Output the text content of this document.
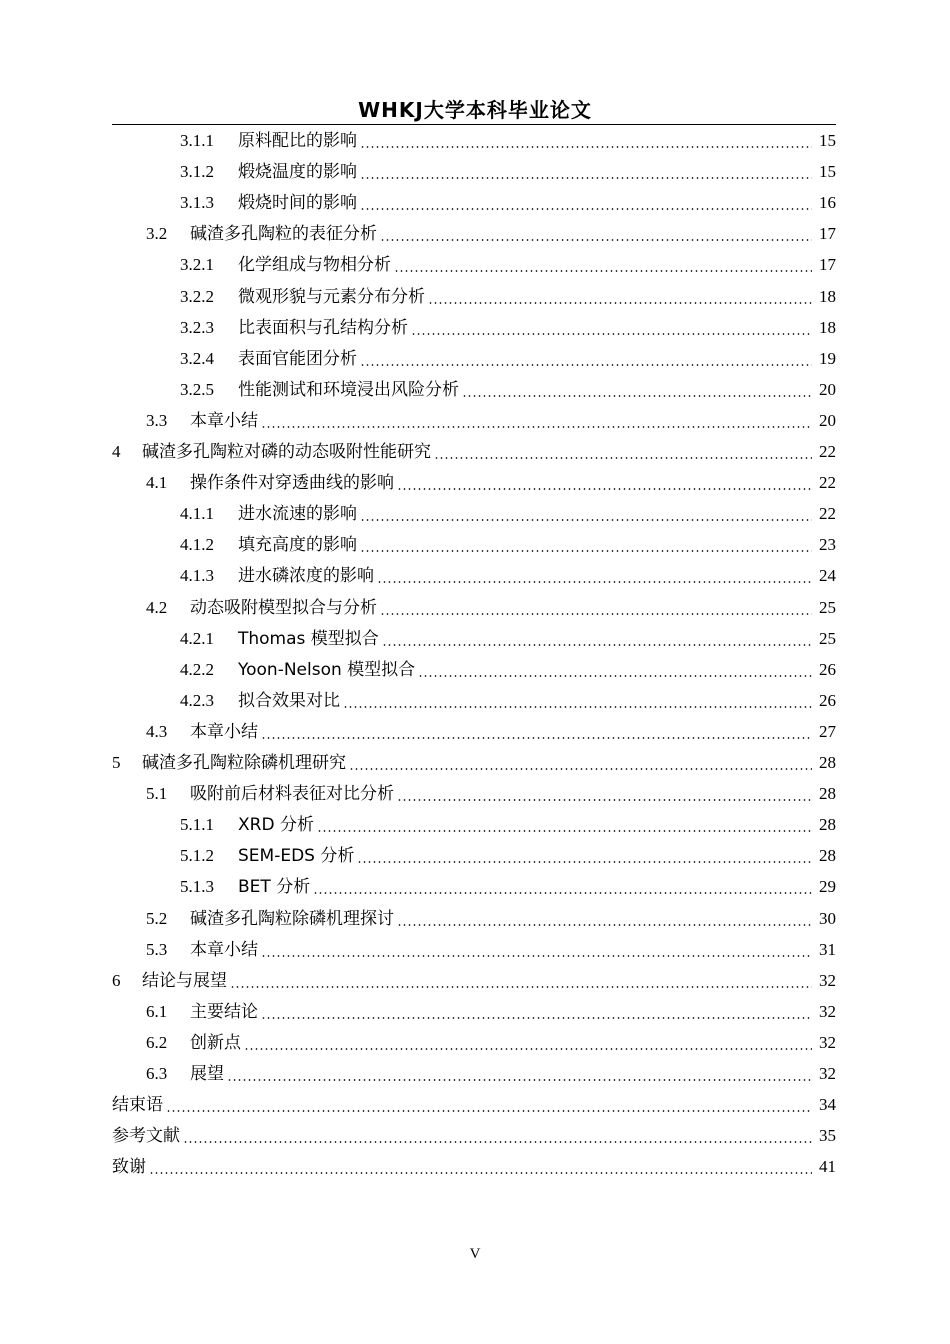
WHKJ大学本科毕业论文
3.1.1	原料配比的影响	15
3.1.2	煅烧温度的影响	15
3.1.3	煅烧时间的影响	16
3.2	碱渣多孔陶粒的表征分析	17
3.2.1	化学组成与物相分析	17
3.2.2	微观形貌与元素分布分析	18
3.2.3	比表面积与孔结构分析	18
3.2.4	表面官能团分析	19
3.2.5	性能测试和环境浸出风险分析	20
3.3	本章小结	20
4	碱渣多孔陶粒对磷的动态吸附性能研究	22
4.1	操作条件对穿透曲线的影响	22
4.1.1	进水流速的影响	22
4.1.2	填充高度的影响	23
4.1.3	进水磷浓度的影响	24
4.2	动态吸附模型拟合与分析	25
4.2.1	Thomas 模型拟合	25
4.2.2	Yoon-Nelson 模型拟合	26
4.2.3	拟合效果对比	26
4.3	本章小结	27
5	碱渣多孔陶粒除磷机理研究	28
5.1	吸附前后材料表征对比分析	28
5.1.1	XRD 分析	28
5.1.2	SEM-EDS 分析	28
5.1.3	BET 分析	29
5.2	碱渣多孔陶粒除磷机理探讨	30
5.3	本章小结	31
6	结论与展望	32
6.1	主要结论	32
6.2	创新点	32
6.3	展望	32
结束语	34
参考文献	35
致谢	41
V
